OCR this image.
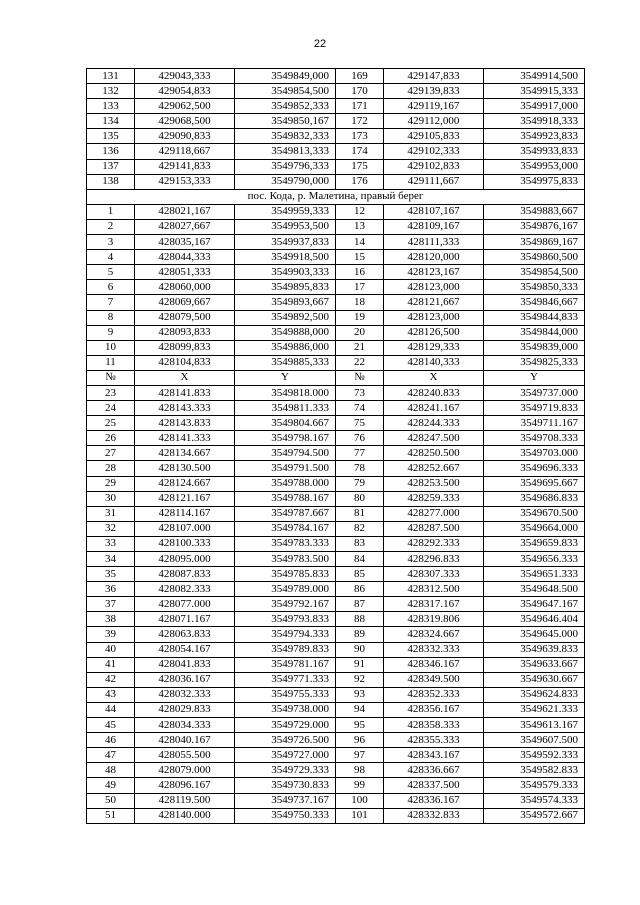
22
131	429043,333	3549849,000	169	429147,833	3549914,500
132	429054,833	3549854,500	170	429139,833	3549915,333
133	429062,500	3549852,333	171	429119,167	3549917,000
134	429068,500	3549850,167	172	429112,000	3549918,333
135	429090,833	3549832,333	173	429105,833	3549923,833
136	429118,667	3549813,333	174	429102,333	3549933,833
137	429141,833	3549796,333	175	429102,833	3549953,000
138	429153,333	3549790,000	176	429111,667	3549975,833
пос. Кода, р. Малетина, правый берег					
1	428021,167	3549959,333	12	428107,167	3549883,667
2	428027,667	3549953,500	13	428109,167	3549876,167
3	428035,167	3549937,833	14	428111,333	3549869,167
4	428044,333	3549918,500	15	428120,000	3549860,500
5	428051,333	3549903,333	16	428123,167	3549854,500
6	428060,000	3549895,833	17	428123,000	3549850,333
7	428069,667	3549893,667	18	428121,667	3549846,667
8	428079,500	3549892,500	19	428123,000	3549844,833
9	428093,833	3549888,000	20	428126,500	3549844,000
10	428099,833	3549886,000	21	428129,333	3549839,000
11	428104,833	3549885,333	22	428140,333	3549825,333
№	X	Y	№	X	Y
23	428141.833	3549818.000	73	428240.833	3549737.000
24	428143.333	3549811.333	74	428241.167	3549719.833
25	428143.833	3549804.667	75	428244.333	3549711.167
26	428141.333	3549798.167	76	428247.500	3549708.333
27	428134.667	3549794.500	77	428250.500	3549703.000
28	428130.500	3549791.500	78	428252.667	3549696.333
29	428124.667	3549788.000	79	428253.500	3549695.667
30	428121.167	3549788.167	80	428259.333	3549686.833
31	428114.167	3549787.667	81	428277.000	3549670.500
32	428107.000	3549784.167	82	428287.500	3549664.000
33	428100.333	3549783.333	83	428292.333	3549659.833
34	428095.000	3549783.500	84	428296.833	3549656.333
35	428087.833	3549785.833	85	428307.333	3549651.333
36	428082.333	3549789.000	86	428312.500	3549648.500
37	428077.000	3549792.167	87	428317.167	3549647.167
38	428071.167	3549793.833	88	428319.806	3549646.404
39	428063.833	3549794.333	89	428324.667	3549645.000
40	428054.167	3549789.833	90	428332.333	3549639.833
41	428041.833	3549781.167	91	428346.167	3549633.667
42	428036.167	3549771.333	92	428349.500	3549630.667
43	428032.333	3549755.333	93	428352.333	3549624.833
44	428029.833	3549738.000	94	428356.167	3549621.333
45	428034.333	3549729.000	95	428358.333	3549613.167
46	428040.167	3549726.500	96	428355.333	3549607.500
47	428055.500	3549727.000	97	428343.167	3549592.333
48	428079.000	3549729.333	98	428336.667	3549582.833
49	428096.167	3549730.833	99	428337.500	3549579.333
50	428119.500	3549737.167	100	428336.167	3549574.333
51	428140.000	3549750.333	101	428332.833	3549572.667
